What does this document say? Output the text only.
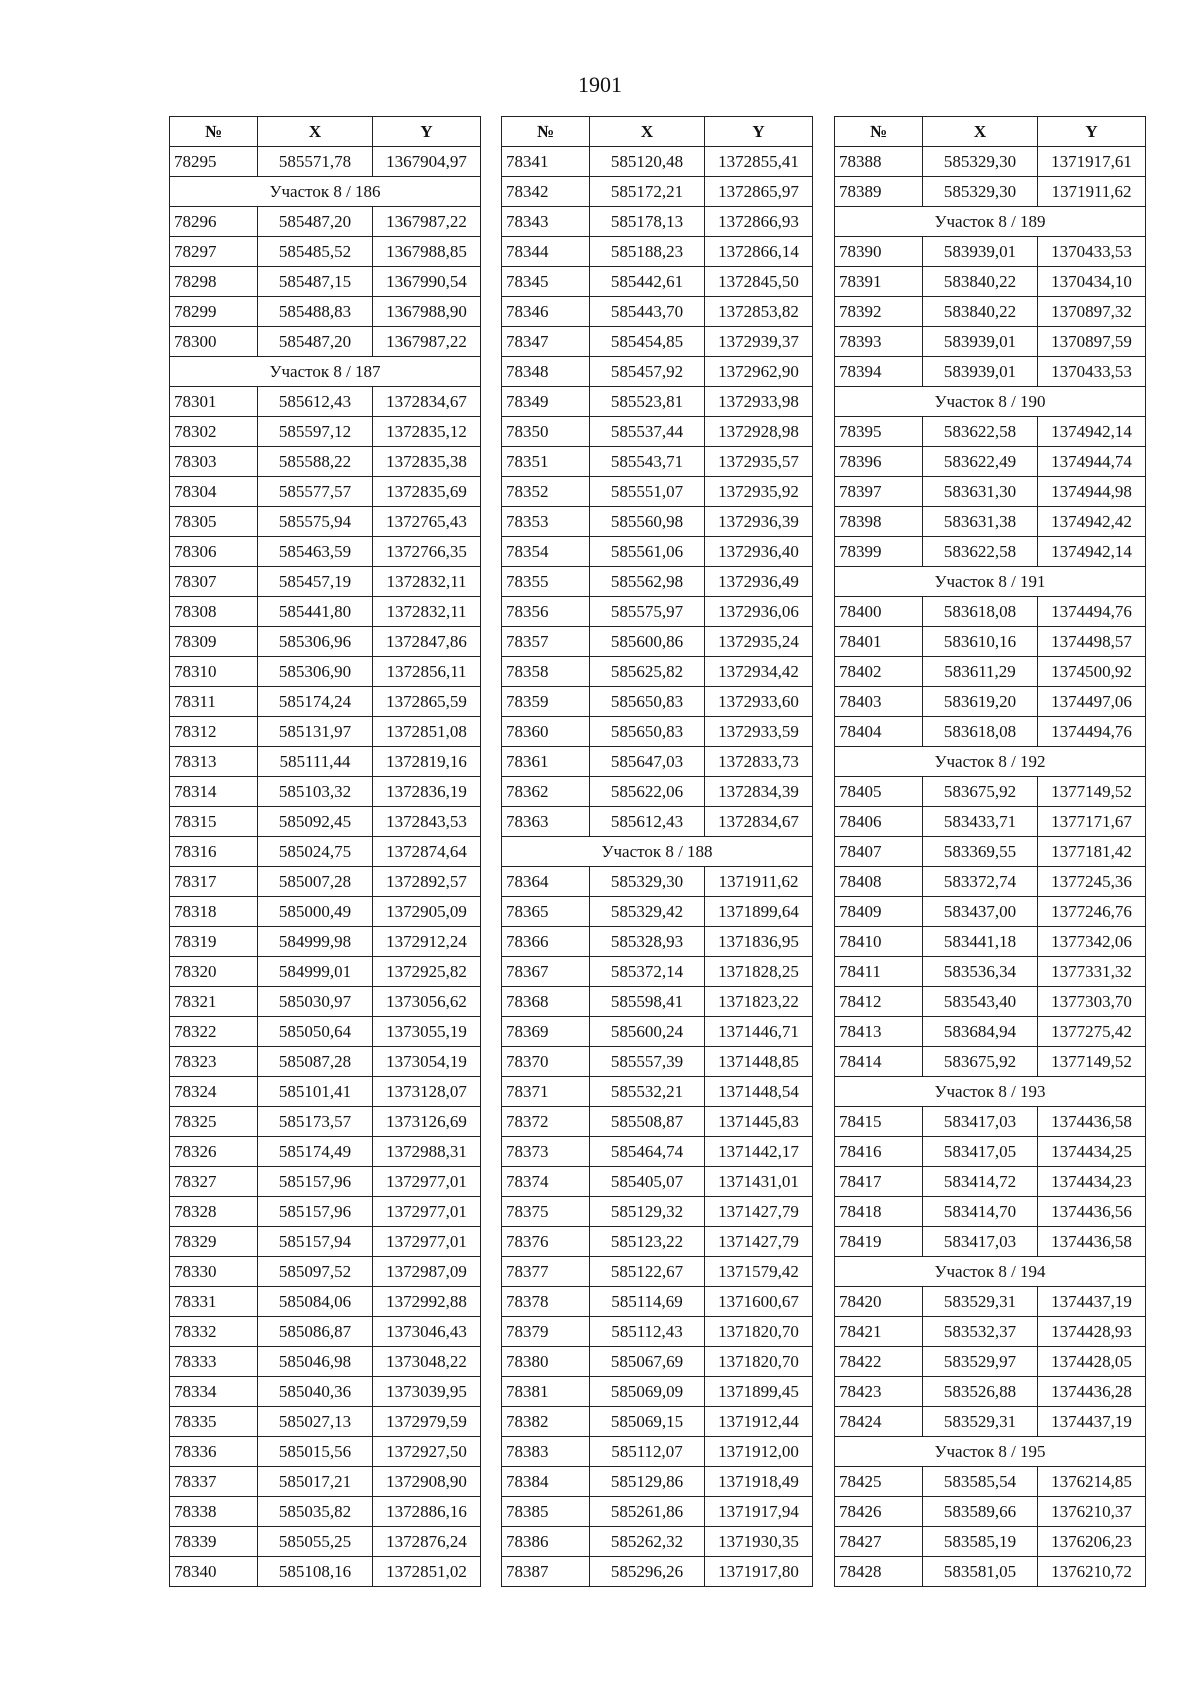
1901
№	X	Y
78295	585571,78	1367904,97
Участок 8 / 186		
78296	585487,20	1367987,22
78297	585485,52	1367988,85
78298	585487,15	1367990,54
78299	585488,83	1367988,90
78300	585487,20	1367987,22
Участок 8 / 187		
78301	585612,43	1372834,67
78302	585597,12	1372835,12
78303	585588,22	1372835,38
78304	585577,57	1372835,69
78305	585575,94	1372765,43
78306	585463,59	1372766,35
78307	585457,19	1372832,11
78308	585441,80	1372832,11
78309	585306,96	1372847,86
78310	585306,90	1372856,11
78311	585174,24	1372865,59
78312	585131,97	1372851,08
78313	585111,44	1372819,16
78314	585103,32	1372836,19
78315	585092,45	1372843,53
78316	585024,75	1372874,64
78317	585007,28	1372892,57
78318	585000,49	1372905,09
78319	584999,98	1372912,24
78320	584999,01	1372925,82
78321	585030,97	1373056,62
78322	585050,64	1373055,19
78323	585087,28	1373054,19
78324	585101,41	1373128,07
78325	585173,57	1373126,69
78326	585174,49	1372988,31
78327	585157,96	1372977,01
78328	585157,96	1372977,01
78329	585157,94	1372977,01
78330	585097,52	1372987,09
78331	585084,06	1372992,88
78332	585086,87	1373046,43
78333	585046,98	1373048,22
78334	585040,36	1373039,95
78335	585027,13	1372979,59
78336	585015,56	1372927,50
78337	585017,21	1372908,90
78338	585035,82	1372886,16
78339	585055,25	1372876,24
78340	585108,16	1372851,02
№	X	Y
78341	585120,48	1372855,41
78342	585172,21	1372865,97
78343	585178,13	1372866,93
78344	585188,23	1372866,14
78345	585442,61	1372845,50
78346	585443,70	1372853,82
78347	585454,85	1372939,37
78348	585457,92	1372962,90
78349	585523,81	1372933,98
78350	585537,44	1372928,98
78351	585543,71	1372935,57
78352	585551,07	1372935,92
78353	585560,98	1372936,39
78354	585561,06	1372936,40
78355	585562,98	1372936,49
78356	585575,97	1372936,06
78357	585600,86	1372935,24
78358	585625,82	1372934,42
78359	585650,83	1372933,60
78360	585650,83	1372933,59
78361	585647,03	1372833,73
78362	585622,06	1372834,39
78363	585612,43	1372834,67
Участок 8 / 188		
78364	585329,30	1371911,62
78365	585329,42	1371899,64
78366	585328,93	1371836,95
78367	585372,14	1371828,25
78368	585598,41	1371823,22
78369	585600,24	1371446,71
78370	585557,39	1371448,85
78371	585532,21	1371448,54
78372	585508,87	1371445,83
78373	585464,74	1371442,17
78374	585405,07	1371431,01
78375	585129,32	1371427,79
78376	585123,22	1371427,79
78377	585122,67	1371579,42
78378	585114,69	1371600,67
78379	585112,43	1371820,70
78380	585067,69	1371820,70
78381	585069,09	1371899,45
78382	585069,15	1371912,44
78383	585112,07	1371912,00
78384	585129,86	1371918,49
78385	585261,86	1371917,94
78386	585262,32	1371930,35
78387	585296,26	1371917,80
№	X	Y
78388	585329,30	1371917,61
78389	585329,30	1371911,62
Участок 8 / 189		
78390	583939,01	1370433,53
78391	583840,22	1370434,10
78392	583840,22	1370897,32
78393	583939,01	1370897,59
78394	583939,01	1370433,53
Участок 8 / 190		
78395	583622,58	1374942,14
78396	583622,49	1374944,74
78397	583631,30	1374944,98
78398	583631,38	1374942,42
78399	583622,58	1374942,14
Участок 8 / 191		
78400	583618,08	1374494,76
78401	583610,16	1374498,57
78402	583611,29	1374500,92
78403	583619,20	1374497,06
78404	583618,08	1374494,76
Участок 8 / 192		
78405	583675,92	1377149,52
78406	583433,71	1377171,67
78407	583369,55	1377181,42
78408	583372,74	1377245,36
78409	583437,00	1377246,76
78410	583441,18	1377342,06
78411	583536,34	1377331,32
78412	583543,40	1377303,70
78413	583684,94	1377275,42
78414	583675,92	1377149,52
Участок 8 / 193		
78415	583417,03	1374436,58
78416	583417,05	1374434,25
78417	583414,72	1374434,23
78418	583414,70	1374436,56
78419	583417,03	1374436,58
Участок 8 / 194		
78420	583529,31	1374437,19
78421	583532,37	1374428,93
78422	583529,97	1374428,05
78423	583526,88	1374436,28
78424	583529,31	1374437,19
Участок 8 / 195		
78425	583585,54	1376214,85
78426	583589,66	1376210,37
78427	583585,19	1376206,23
78428	583581,05	1376210,72
